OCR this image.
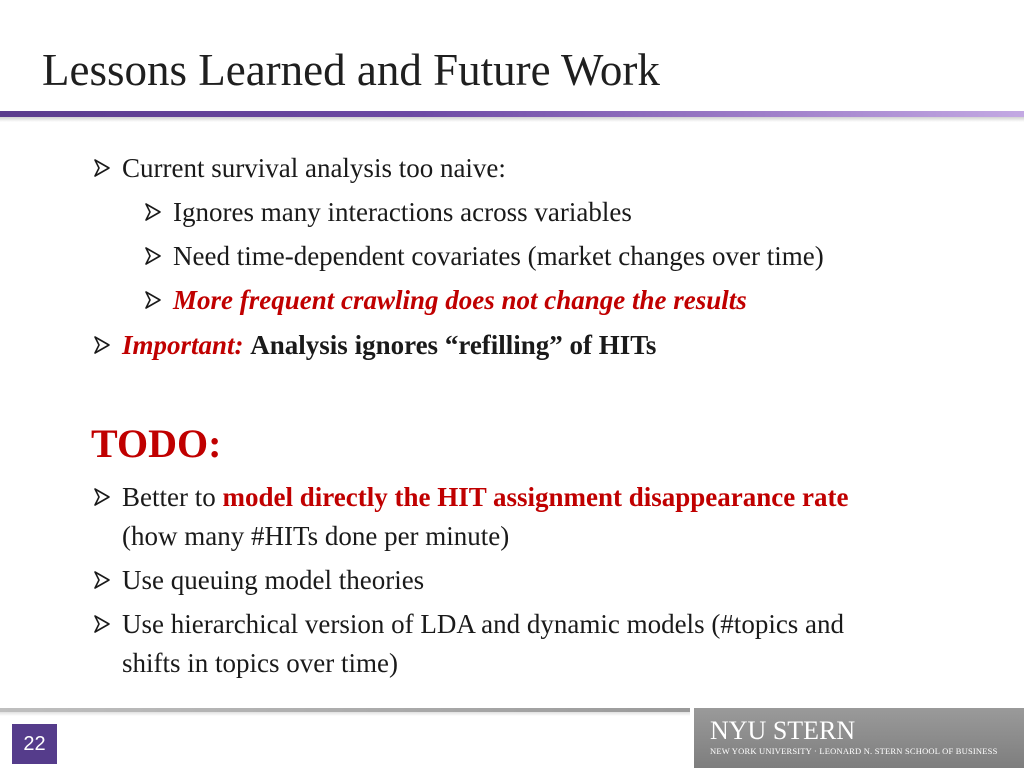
Lessons Learned and Future Work
Current survival analysis too naive:
Ignores many interactions across variables
Need time-dependent covariates (market changes over time)
More frequent crawling does not change the results
Important: Analysis ignores “refilling” of HITs
TODO:
Better to model directly the HIT assignment disappearance rate
(how many #HITs done per minute)
Use queuing model theories
Use hierarchical version of LDA and dynamic models (#topics and
shifts in topics over time)
22	NYU STERN
NEW YORK UNIVERSITY · LEONARD N. STERN SCHOOL OF BUSINESS
